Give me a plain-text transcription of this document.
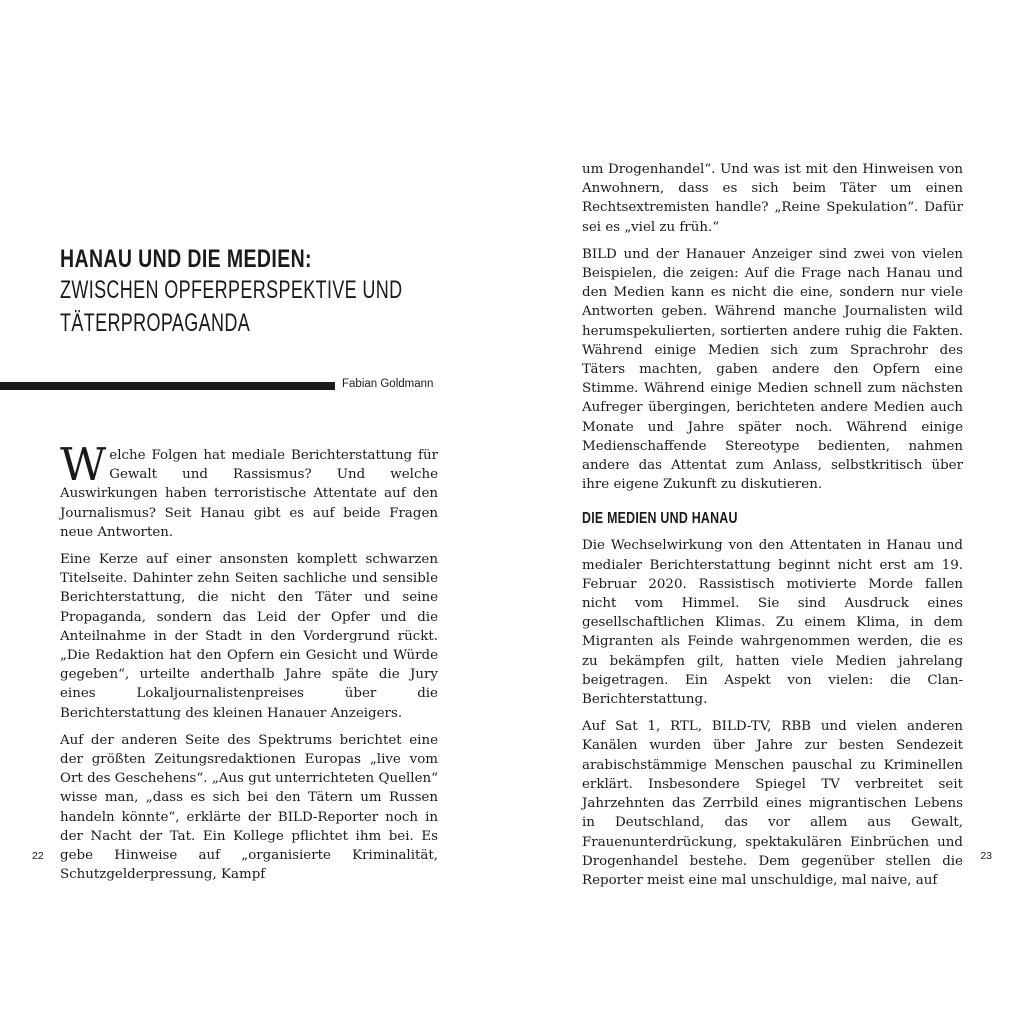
HANAU UND DIE MEDIEN:
ZWISCHEN OPFERPERSPEKTIVE UND
TÄTERPROPAGANDA
Fabian Goldmann

Welche Folgen hat mediale Berichterstattung für Gewalt und Rassismus? Und welche Auswirkungen haben terroristische Attentate auf den Journalismus? Seit Hanau gibt es auf beide Fragen neue Antworten.

Eine Kerze auf einer ansonsten komplett schwarzen Titelseite. Dahinter zehn Seiten sachliche und sensible Berichterstattung, die nicht den Täter und seine Propaganda, sondern das Leid der Opfer und die Anteilnahme in der Stadt in den Vordergrund rückt. „Die Redaktion hat den Opfern ein Gesicht und Würde gegeben“, urteilte anderthalb Jahre späte die Jury eines Lokaljournalistenpreises über die Berichterstattung des kleinen Hanauer Anzeigers.

Auf der anderen Seite des Spektrums berichtet eine der größten Zeitungsredaktionen Europas „live vom Ort des Geschehens“. „Aus gut unterrichteten Quellen“ wisse man, „dass es sich bei den Tätern um Russen handeln könnte“, erklärte der BILD-Reporter noch in der Nacht der Tat. Ein Kollege pflichtet ihm bei. Es gebe Hinweise auf „organisierte Kriminalität, Schutzgelderpressung, Kampf

22

um Drogenhandel“. Und was ist mit den Hinweisen von Anwohnern, dass es sich beim Täter um einen Rechtsextremisten handle? „Reine Spekulation“. Dafür sei es „viel zu früh.“

BILD und der Hanauer Anzeiger sind zwei von vielen Beispielen, die zeigen: Auf die Frage nach Hanau und den Medien kann es nicht die eine, sondern nur viele Antworten geben. Während manche Journalisten wild herumspekulierten, sortierten andere ruhig die Fakten. Während einige Medien sich zum Sprachrohr des Täters machten, gaben andere den Opfern eine Stimme. Während einige Medien schnell zum nächsten Aufreger übergingen, berichteten andere Medien auch Monate und Jahre später noch. Während einige Medienschaffende Stereotype bedienten, nahmen andere das Attentat zum Anlass, selbstkritisch über ihre eigene Zukunft zu diskutieren.

DIE MEDIEN UND HANAU

Die Wechselwirkung von den Attentaten in Hanau und medialer Berichterstattung beginnt nicht erst am 19. Februar 2020. Rassistisch motivierte Morde fallen nicht vom Himmel. Sie sind Ausdruck eines gesellschaftlichen Klimas. Zu einem Klima, in dem Migranten als Feinde wahrgenommen werden, die es zu bekämpfen gilt, hatten viele Medien jahrelang beigetragen. Ein Aspekt von vielen: die Clan-Berichterstattung.

Auf Sat 1, RTL, BILD-TV, RBB und vielen anderen Kanälen wurden über Jahre zur besten Sendezeit arabischstämmige Menschen pauschal zu Kriminellen erklärt. Insbesondere Spiegel TV verbreitet seit Jahrzehnten das Zerrbild eines migrantischen Lebens in Deutschland, das vor allem aus Gewalt, Frauenunterdrückung, spektakulären Einbrüchen und Drogenhandel bestehe. Dem gegenüber stellen die Reporter meist eine mal unschuldige, mal naive, auf

23
